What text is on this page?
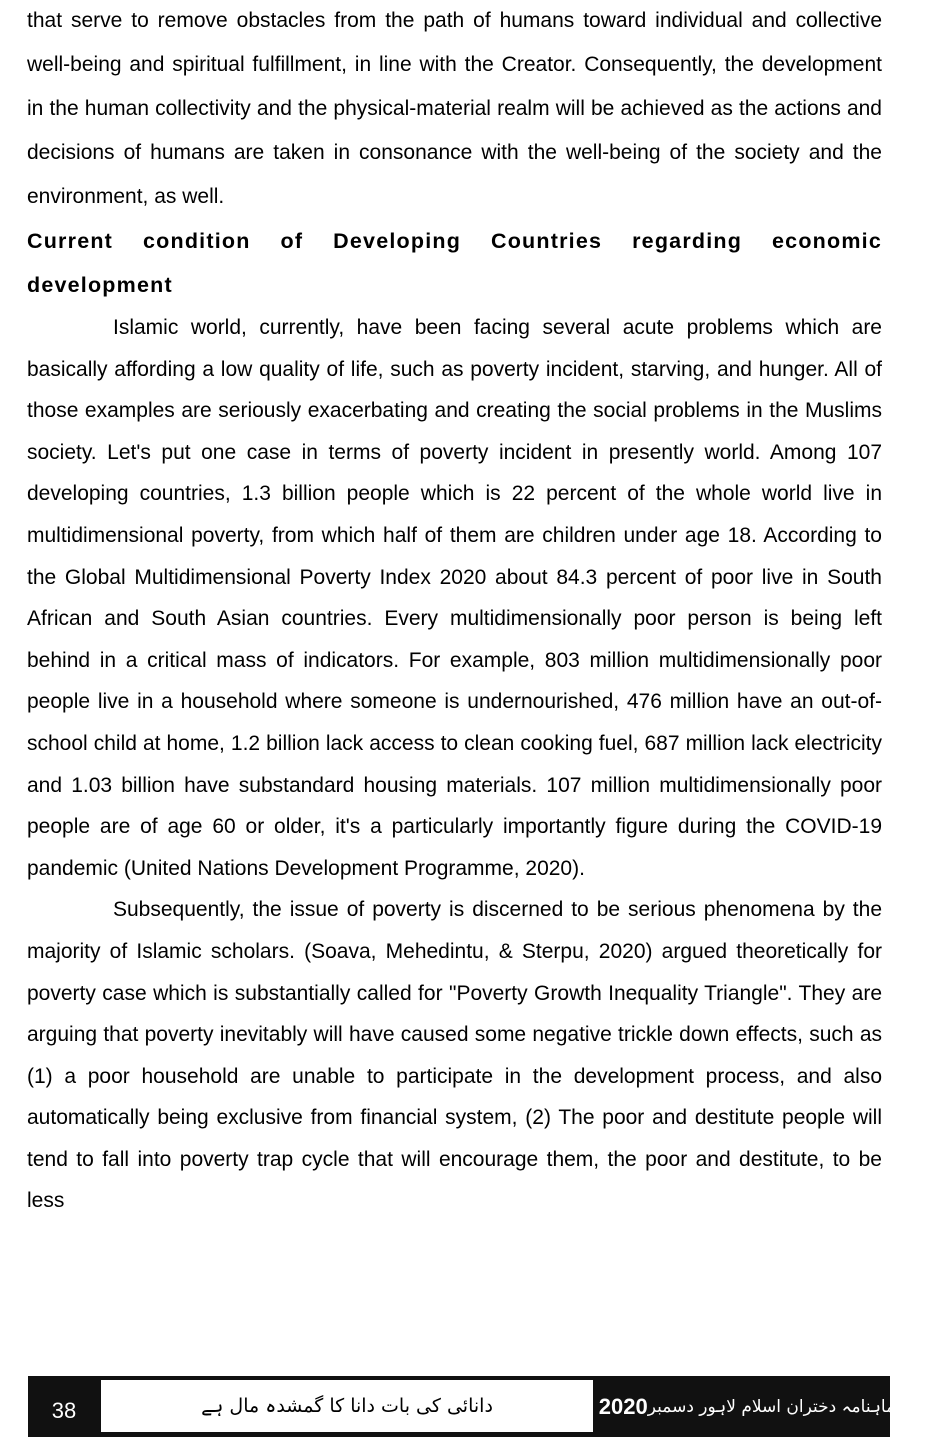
that serve to remove obstacles from the path of humans toward individual and collective well-being and spiritual fulfillment, in line with the Creator. Consequently, the development in the human collectivity and the physical-material realm will be achieved as the actions and decisions of humans are taken in consonance with the well-being of the society and the environment, as well.

Current condition of Developing Countries regarding economic development

Islamic world, currently, have been facing several acute problems which are basically affording a low quality of life, such as poverty incident, starving, and hunger. All of those examples are seriously exacerbating and creating the social problems in the Muslims society. Let's put one case in terms of poverty incident in presently world. Among 107 developing countries, 1.3 billion people which is 22 percent of the whole world live in multidimensional poverty, from which half of them are children under age 18. According to the Global Multidimensional Poverty Index 2020 about 84.3 percent of poor live in South African and South Asian countries. Every multidimensionally poor person is being left behind in a critical mass of indicators. For example, 803 million multidimensionally poor people live in a household where someone is undernourished, 476 million have an out-of-school child at home, 1.2 billion lack access to clean cooking fuel, 687 million lack electricity and 1.03 billion have substandard housing materials. 107 million multidimensionally poor people are of age 60 or older, it's a particularly importantly figure during the COVID-19 pandemic (United Nations Development Programme, 2020).

Subsequently, the issue of poverty is discerned to be serious phenomena by the majority of Islamic scholars. (Soava, Mehedintu, & Sterpu, 2020) argued theoretically for poverty case which is substantially called for "Poverty Growth Inequality Triangle". They are arguing that poverty inevitably will have caused some negative trickle down effects, such as (1) a poor household are unable to participate in the development process, and also automatically being exclusive from financial system, (2) The poor and destitute people will tend to fall into poverty trap cycle that will encourage them, the poor and destitute, to be less

38	دانائی کی بات دانا کا گمشدہ مال ہے	ماہنامہ دختران اسلام لاہور دسمبر
2020
